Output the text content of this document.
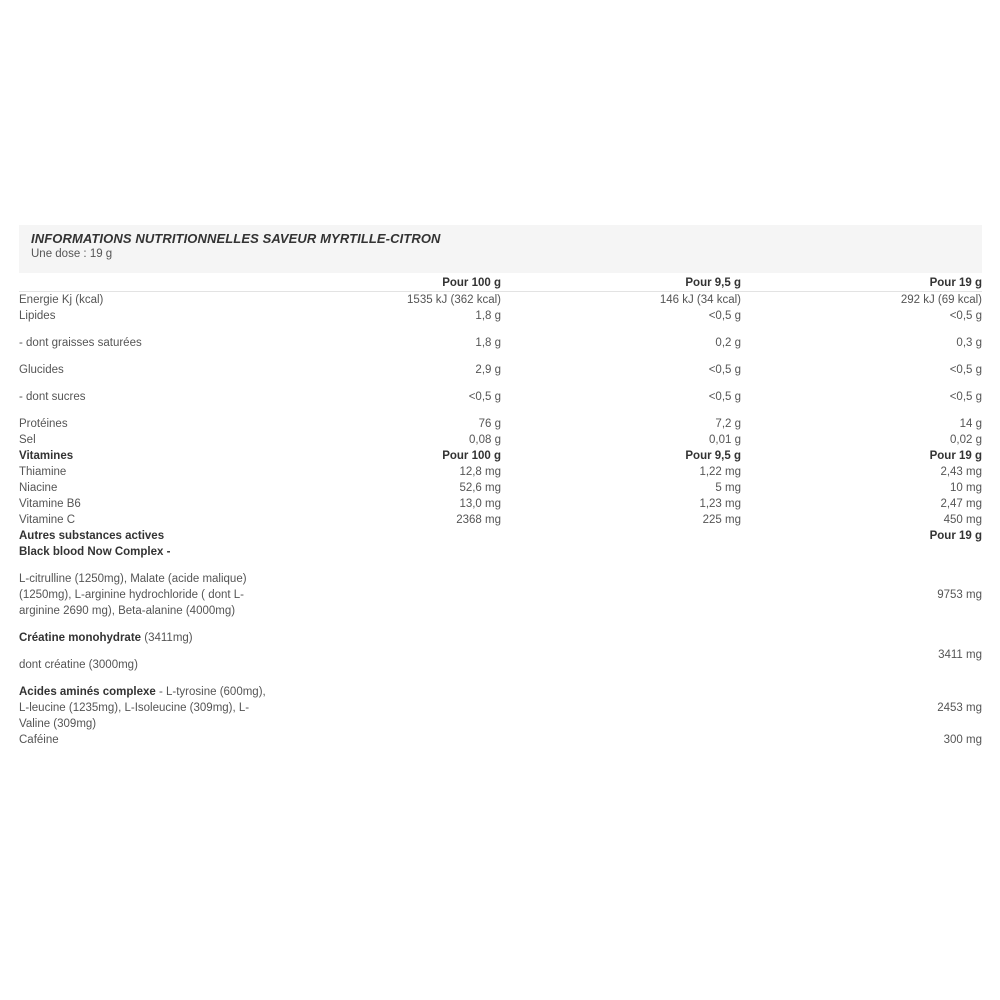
INFORMATIONS NUTRITIONNELLES SAVEUR MYRTILLE-CITRON
Une dose : 19 g
	Pour 100 g	Pour 9,5 g	Pour 19 g
Energie Kj (kcal)	1535 kJ (362 kcal)	146 kJ (34 kcal)	292 kJ (69 kcal)
Lipides	1,8 g	<0,5 g	<0,5 g
- dont graisses saturées	1,8 g	0,2 g	0,3 g
Glucides	2,9 g	<0,5 g	<0,5 g
- dont sucres	<0,5 g	<0,5 g	<0,5 g
Protéines	76 g	7,2 g	14 g
Sel	0,08 g	0,01 g	0,02 g
Vitamines	Pour 100 g	Pour 9,5 g	Pour 19 g
Thiamine	12,8 mg	1,22 mg	2,43 mg
Niacine	52,6 mg	5 mg	10 mg
Vitamine B6	13,0 mg	1,23 mg	2,47 mg
Vitamine C	2368 mg	225 mg	450 mg
Autres substances actives			Pour 19 g
Black blood Now Complex -			
L-citrulline (1250mg), Malate (acide malique) (1250mg), L-arginine hydrochloride ( dont L-arginine 2690 mg), Beta-alanine (4000mg)			9753 mg
Créatine monohydrate (3411mg)			
dont créatine (3000mg)			3411 mg
Acides aminés complexe - L-tyrosine (600mg), L-leucine (1235mg), L-Isoleucine (309mg), L-Valine (309mg)			2453 mg
Caféine			300 mg
